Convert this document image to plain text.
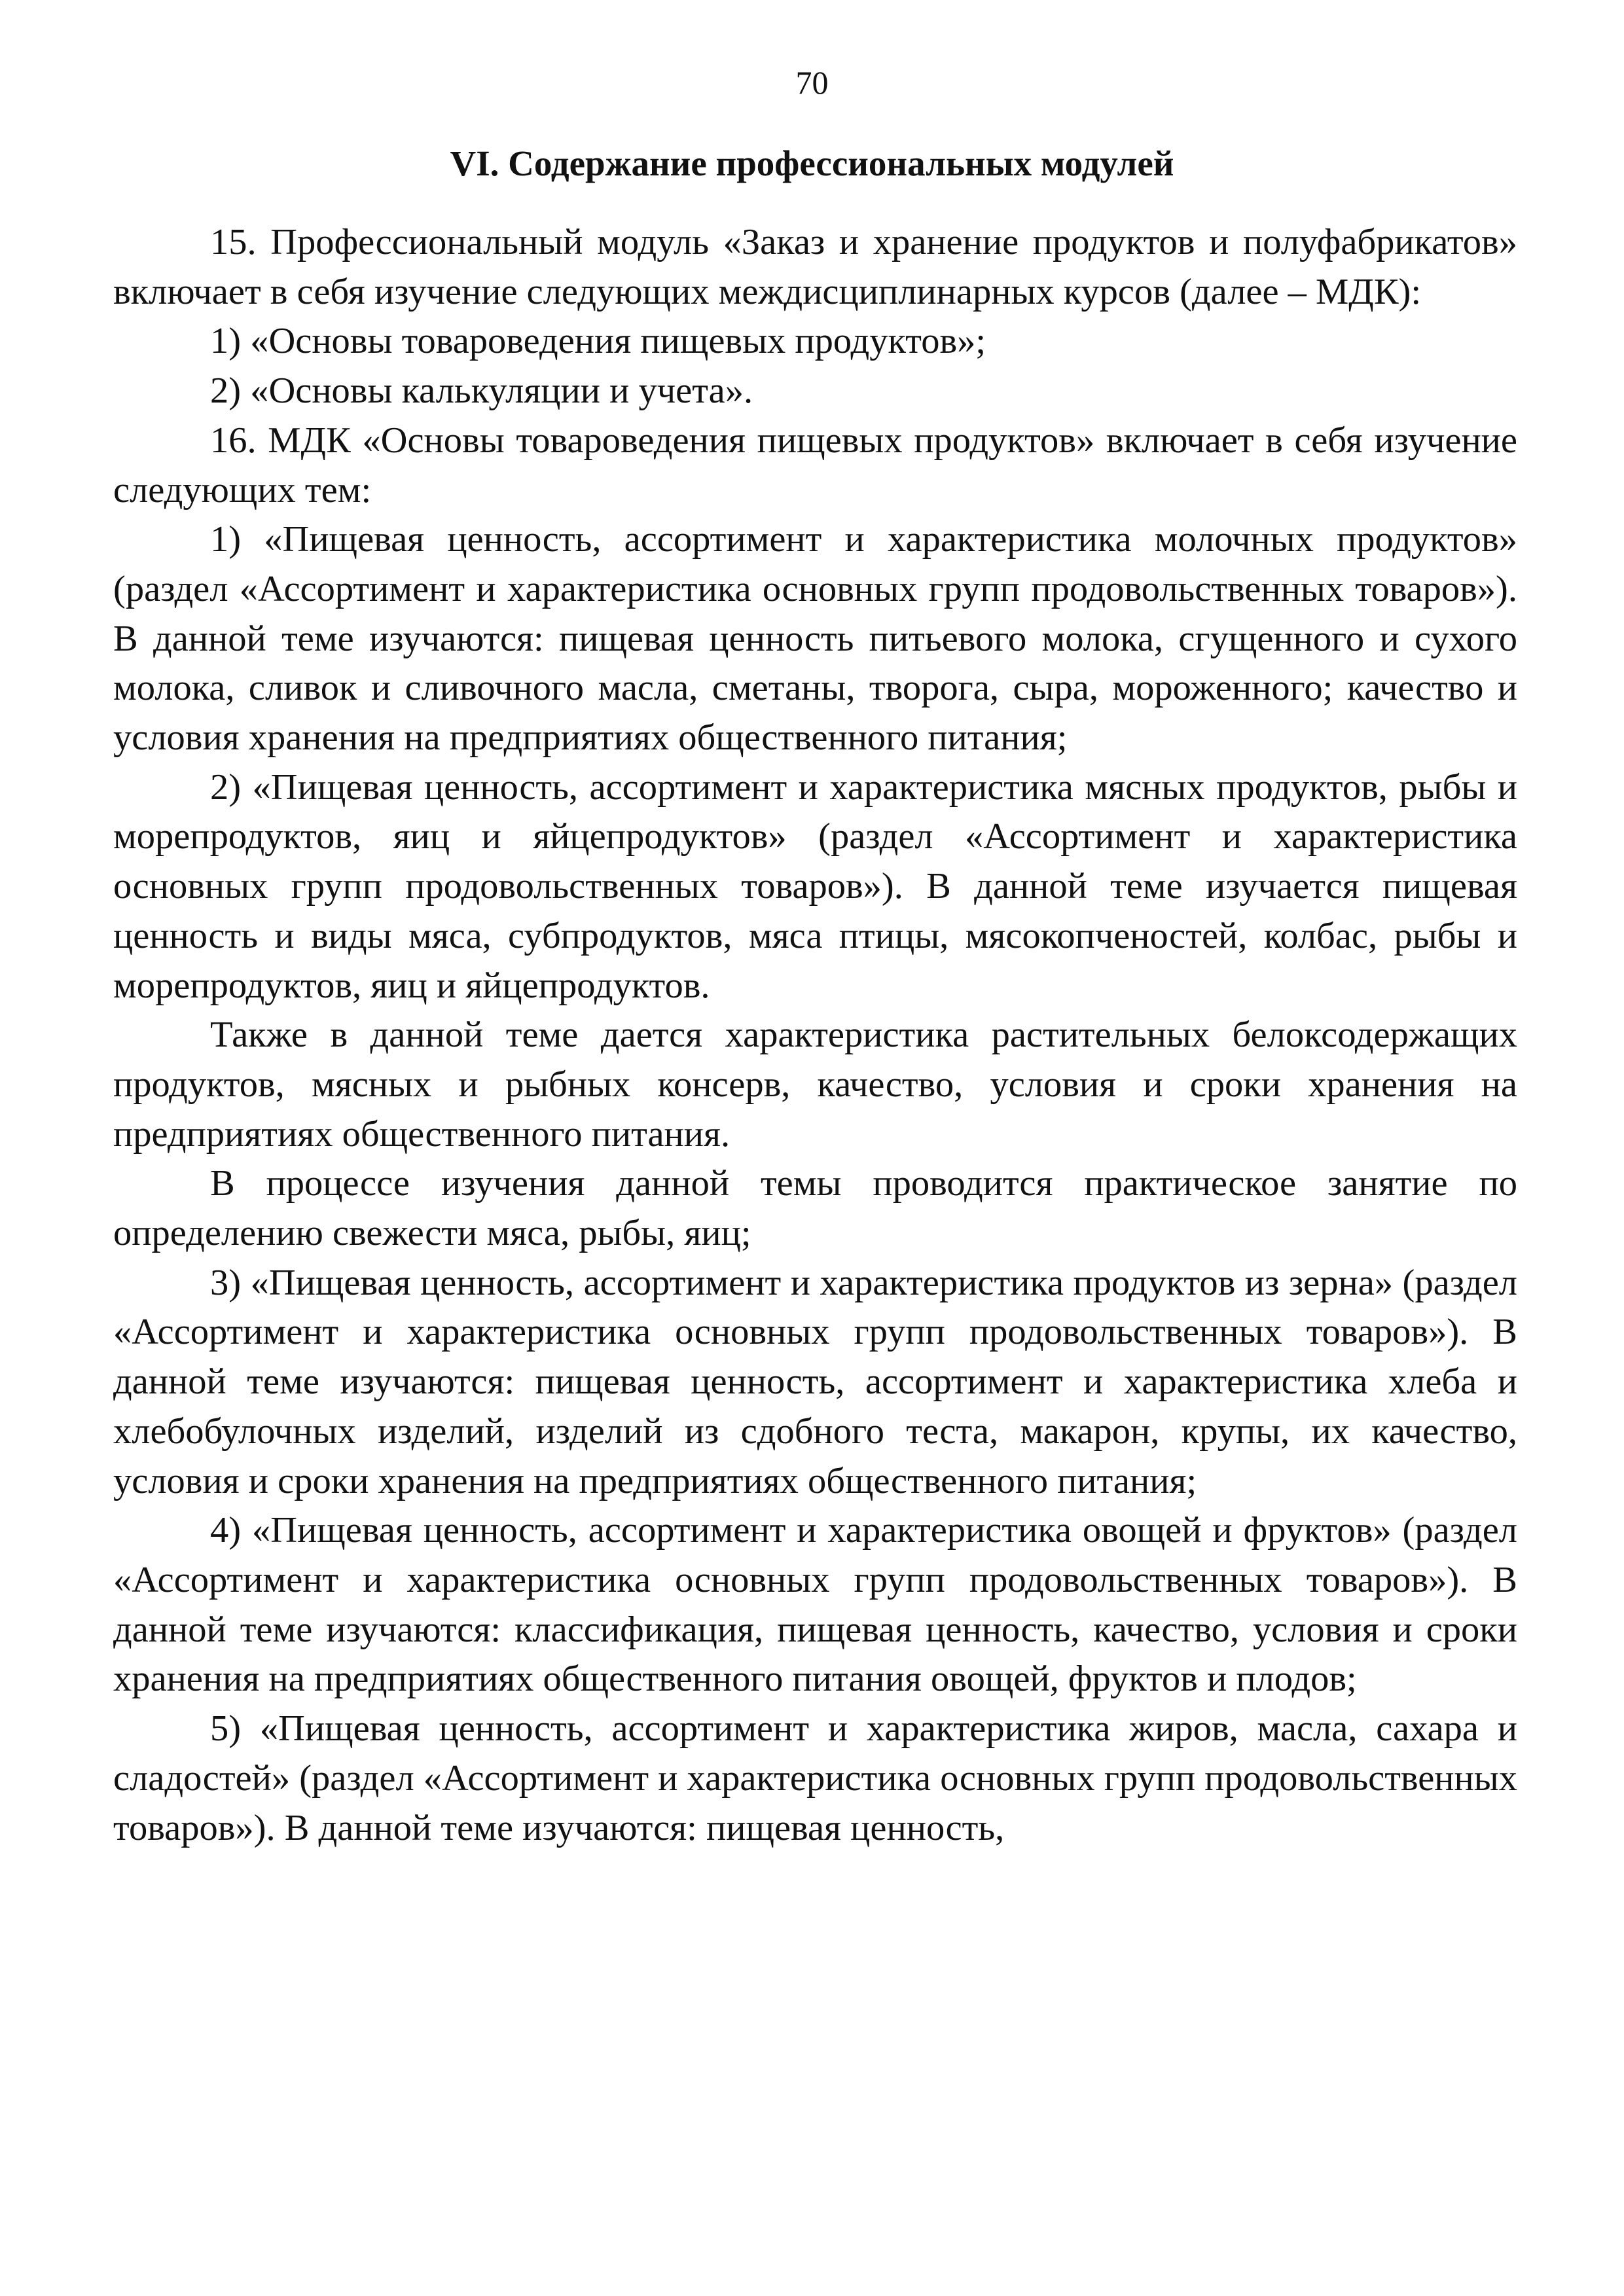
70
VI. Содержание профессиональных модулей

15. Профессиональный модуль «Заказ и хранение продуктов и полуфабрикатов» включает в себя изучение следующих междисциплинарных курсов (далее – МДК):

1) «Основы товароведения пищевых продуктов»;

2) «Основы калькуляции и учета».

16. МДК «Основы товароведения пищевых продуктов» включает в себя изучение следующих тем:

1) «Пищевая ценность, ассортимент и характеристика молочных продуктов» (раздел «Ассортимент и характеристика основных групп продовольственных товаров»). В данной теме изучаются: пищевая ценность питьевого молока, сгущенного и сухого молока, сливок и сливочного масла, сметаны, творога, сыра, мороженного; качество и условия хранения на предприятиях общественного питания;

2) «Пищевая ценность, ассортимент и характеристика мясных продуктов, рыбы и морепродуктов, яиц и яйцепродуктов» (раздел «Ассортимент и характеристика основных групп продовольственных товаров»). В данной теме изучается пищевая ценность и виды мяса, субпродуктов, мяса птицы, мясокопченостей, колбас, рыбы и морепродуктов, яиц и яйцепродуктов.

Также в данной теме дается характеристика растительных белоксодержащих продуктов, мясных и рыбных консерв, качество, условия и сроки хранения на предприятиях общественного питания.

В процессе изучения данной темы проводится практическое занятие по определению свежести мяса, рыбы, яиц;

3) «Пищевая ценность, ассортимент и характеристика продуктов из зерна» (раздел «Ассортимент и характеристика основных групп продовольственных товаров»). В данной теме изучаются: пищевая ценность, ассортимент и характеристика хлеба и хлебобулочных изделий, изделий из сдобного теста, макарон, крупы, их качество, условия и сроки хранения на предприятиях общественного питания;

4) «Пищевая ценность, ассортимент и характеристика овощей и фруктов» (раздел «Ассортимент и характеристика основных групп продовольственных товаров»). В данной теме изучаются: классификация, пищевая ценность, качество, условия и сроки хранения на предприятиях общественного питания овощей, фруктов и плодов;

5) «Пищевая ценность, ассортимент и характеристика жиров, масла, сахара и сладостей» (раздел «Ассортимент и характеристика основных групп продовольственных товаров»). В данной теме изучаются: пищевая ценность,
